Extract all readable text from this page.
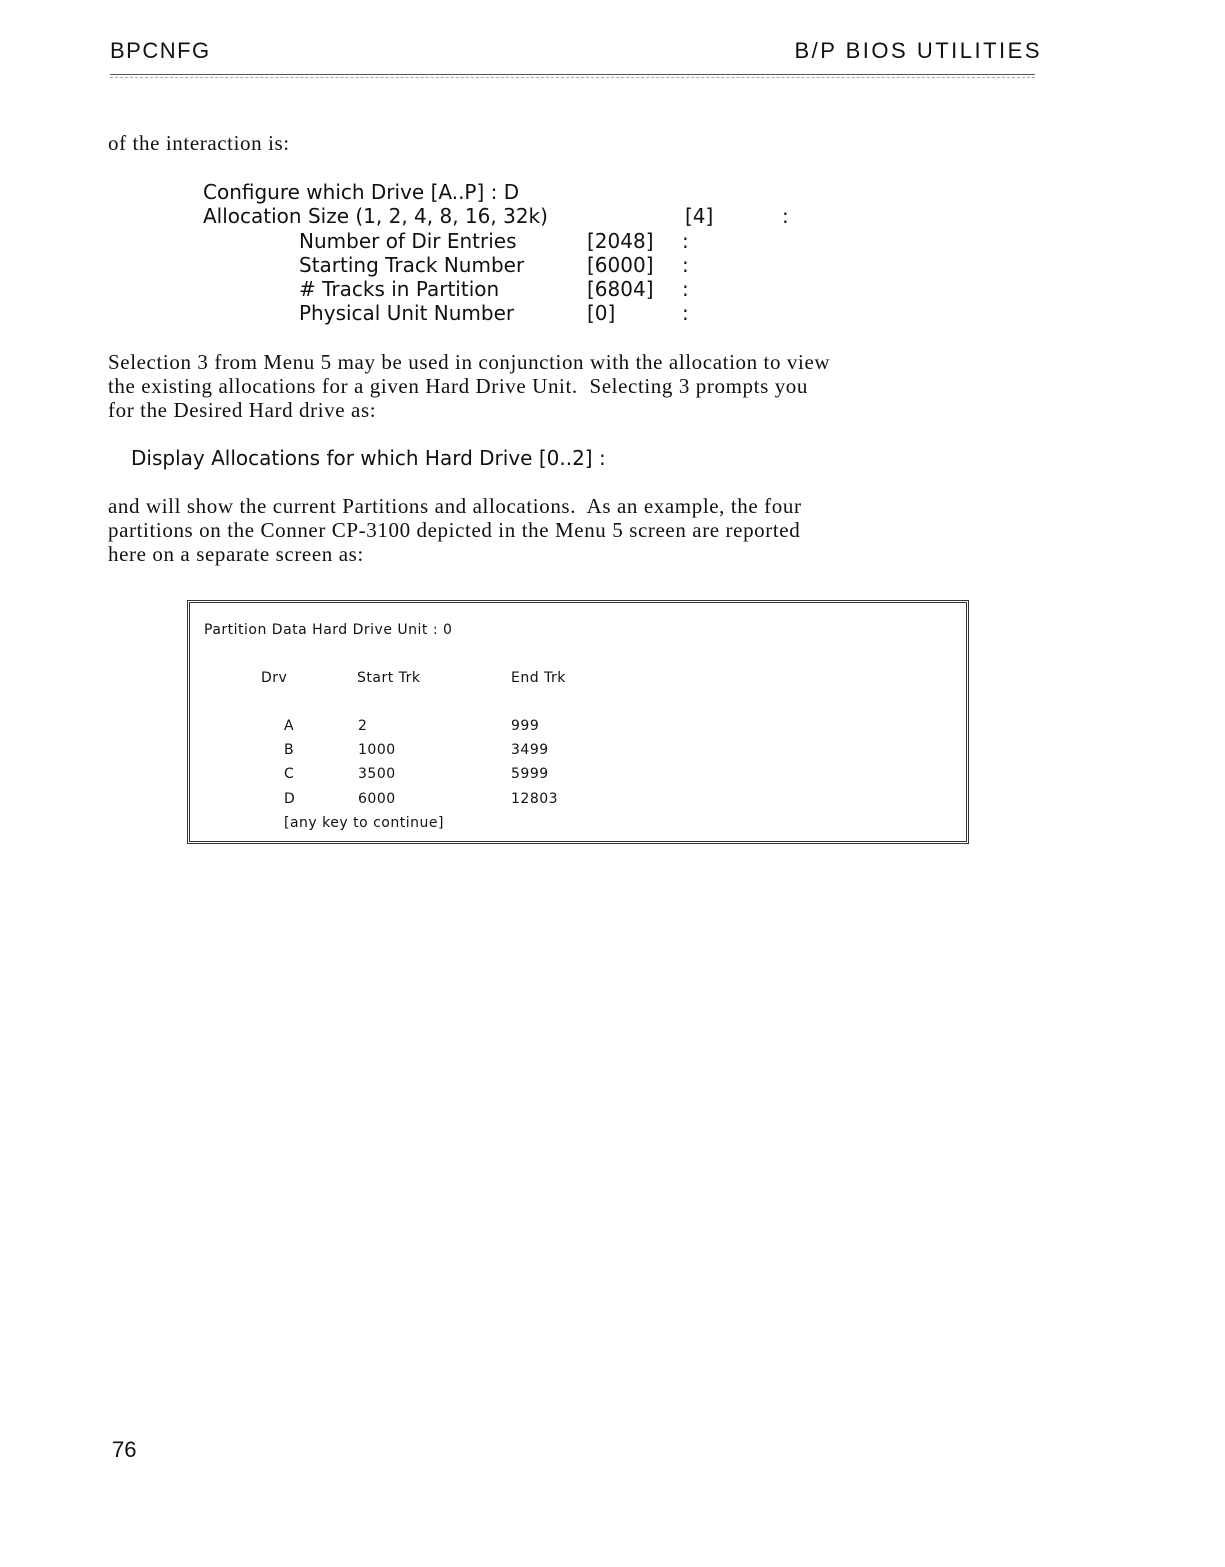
BPCNFG	B/P BIOS UTILITIES
of the interaction is:
Configure which Drive [A..P] : D
Allocation Size (1, 2, 4, 8, 16, 32k)	[4]	:
Number of Dir Entries	[2048] :
Starting Track Number	[6000] :
# Tracks in Partition	[6804] :
Physical Unit Number	[0]	:
Selection 3 from Menu 5 may be used in conjunction with the allocation to view
the existing allocations for a given Hard Drive Unit.  Selecting 3 prompts you
for the Desired Hard drive as:
Display Allocations for which Hard Drive [0..2] :
and will show the current Partitions and allocations.  As an example, the four
partitions on the Conner CP-3100 depicted in the Menu 5 screen are reported
here on a separate screen as:
Partition Data Hard Drive Unit : 0
Drv	Start Trk	End Trk
A	2	999
B	1000	3499
C	3500	5999
D	6000	12803
[any key to continue]
76
